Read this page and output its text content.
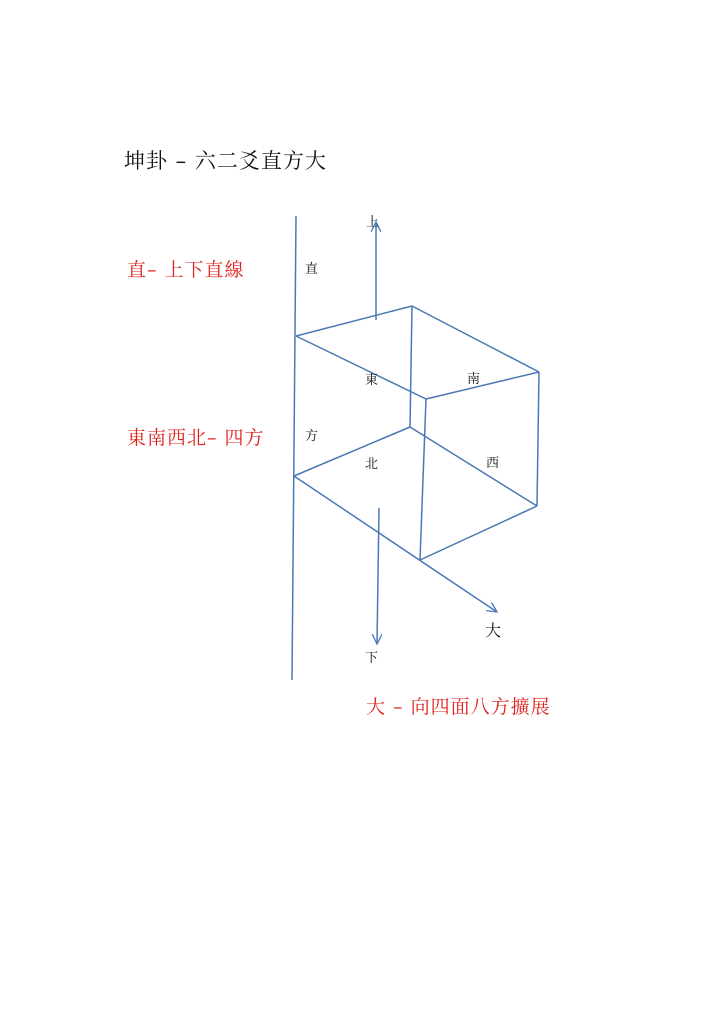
坤卦 – 六二爻直方大
直– 上下直線
東南西北– 四方
大 – 向四面八方擴展
上
直
東	南
方
北	西
下
大
